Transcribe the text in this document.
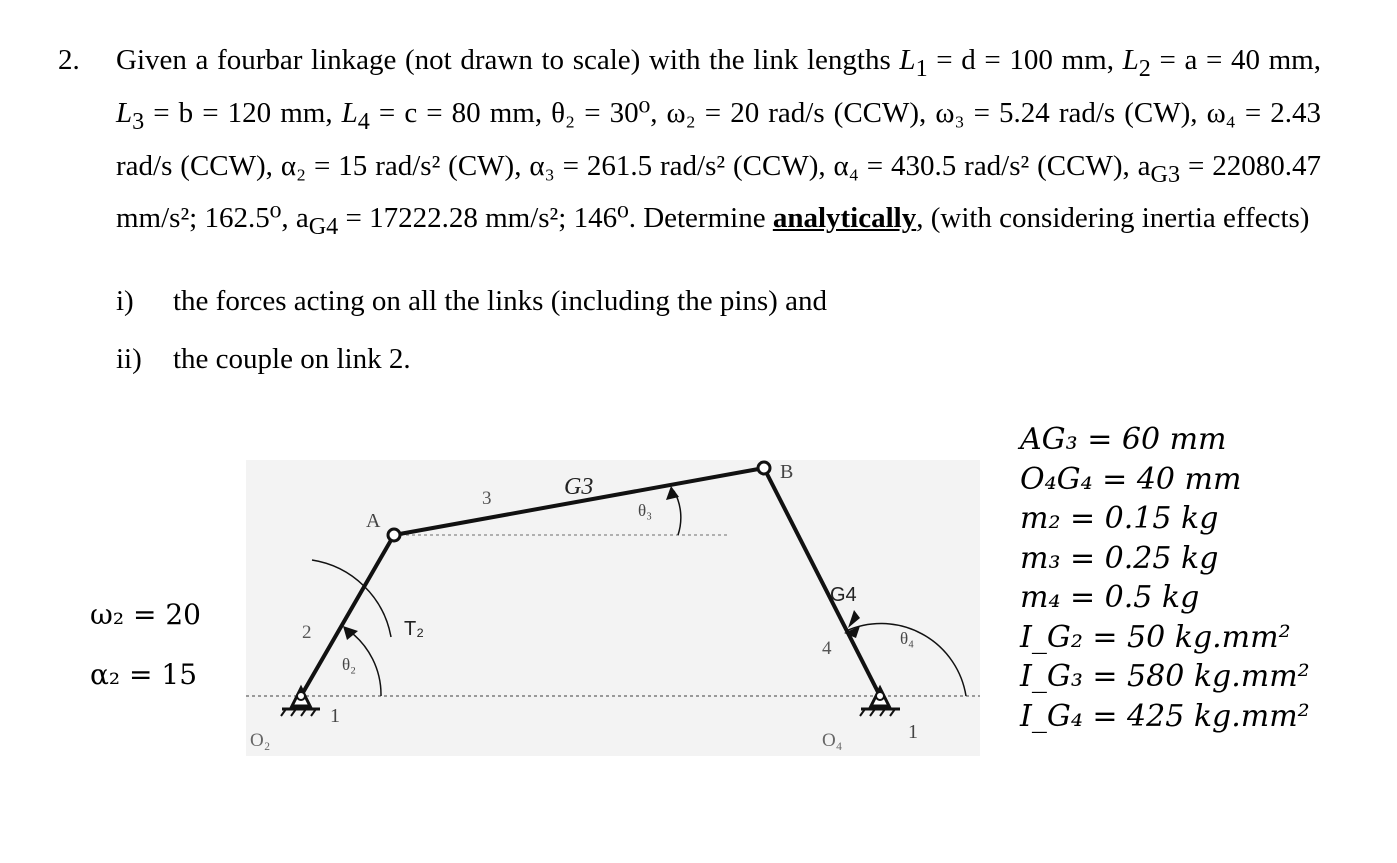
2. Given a fourbar linkage (not drawn to scale) with the link lengths $L_1 = d = 100$ mm, $L_2 = a = 40$ mm, $L_3 = b = 120$ mm, $L_4 = c = 80$ mm, θ₂ = 30⁰, ω₂ = 20 rad/s (CCW), ω₃ = 5.24 rad/s (CW), ω₄ = 2.43 rad/s (CCW), α₂ = 15 rad/s² (CW), α₃ = 261.5 rad/s² (CCW), α₄ = 430.5 rad/s² (CCW), $a_{G3} = 22080.47$ mm/s²; 162.5⁰, $a_{G4} = 17222.28$ mm/s²; 146⁰. Determine analytically, (with considering inertia effects)
i) the forces acting on all the links (including the pins) and
ii) the couple on link 2.
ω₂ = 20
α₂ = 15
A
B
2
3
4
1
1
G3
G4
T₂
θ₂
θ₃
θ₄
O₂	O₄
AG₃ = 60 mm
O₄G₄ = 40 mm
m₂ = 0.15 kg
m₃ = 0.25 kg
m₄ = 0.5 kg
I_G₂ = 50 kg.mm²
I_G₃ = 580 kg.mm²
I_G₄ = 425 kg.mm²
